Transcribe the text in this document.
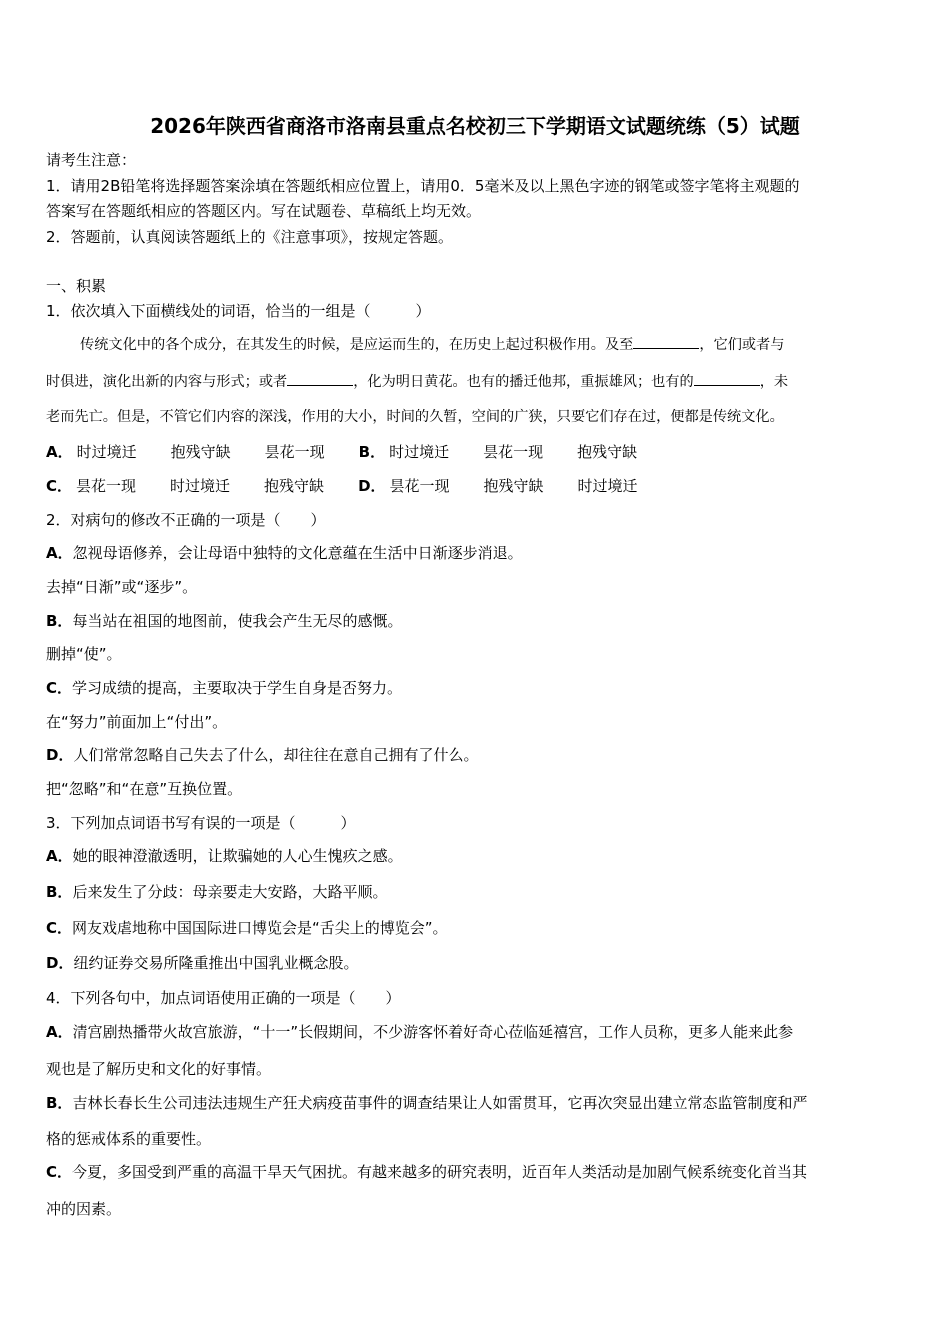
2026年陕西省商洛市洛南县重点名校初三下学期语文试题统练（5）试题
请考生注意：
1．请用2B铅笔将选择题答案涂填在答题纸相应位置上，请用0．5毫米及以上黑色字迹的钢笔或签字笔将主观题的
答案写在答题纸相应的答题区内。写在试题卷、草稿纸上均无效。
2．答题前，认真阅读答题纸上的《注意事项》，按规定答题。
一、积累
1．依次填入下面横线处的词语，恰当的一组是（　　　）
传统文化中的各个成分，在其发生的时候，是应运而生的，在历史上起过积极作用。及至	，它们或者与
时俱进，演化出新的内容与形式；或者	，化为明日黄花。也有的播迁他邦，重振雄风；也有的	，未
老而先亡。但是，不管它们内容的深浅，作用的大小，时间的久暂，空间的广狭，只要它们存在过，便都是传统文化。
A． 时过境迁 抱残守缺 昙花一现 B． 时过境迁 昙花一现 抱残守缺
C． 昙花一现 时过境迁 抱残守缺 D． 昙花一现 抱残守缺 时过境迁
2．对病句的修改不正确的一项是（　　）
A．忽视母语修养，会让母语中独特的文化意蕴在生活中日渐逐步消退。
去掉“日渐”或“逐步”。
B．每当站在祖国的地图前，使我会产生无尽的感慨。
删掉“使”。
C．学习成绩的提高，主要取决于学生自身是否努力。
在“努力”前面加上“付出”。
D．人们常常忽略自己失去了什么，却往往在意自己拥有了什么。
把“忽略”和“在意”互换位置。
3．下列加点词语书写有误的一项是（　　　）
A．她的眼神澄澈透明，让欺骗她的人心生愧疚之感。
B．后来发生了分歧：母亲要走大安路，大路平顺。
C．网友戏虐地称中国国际进口博览会是“舌尖上的博览会”。
D．纽约证券交易所隆重推出中国乳业概念股。
4．下列各句中，加点词语使用正确的一项是（　　）
A．清宫剧热播带火故宫旅游，“十一”长假期间，不少游客怀着好奇心莅临延禧宫，工作人员称，更多人能来此参
观也是了解历史和文化的好事情。
B．吉林长春长生公司违法违规生产狂犬病疫苗事件的调查结果让人如雷贯耳，它再次突显出建立常态监管制度和严
格的惩戒体系的重要性。
C．今夏，多国受到严重的高温干旱天气困扰。有越来越多的研究表明，近百年人类活动是加剧气候系统变化首当其
冲的因素。
